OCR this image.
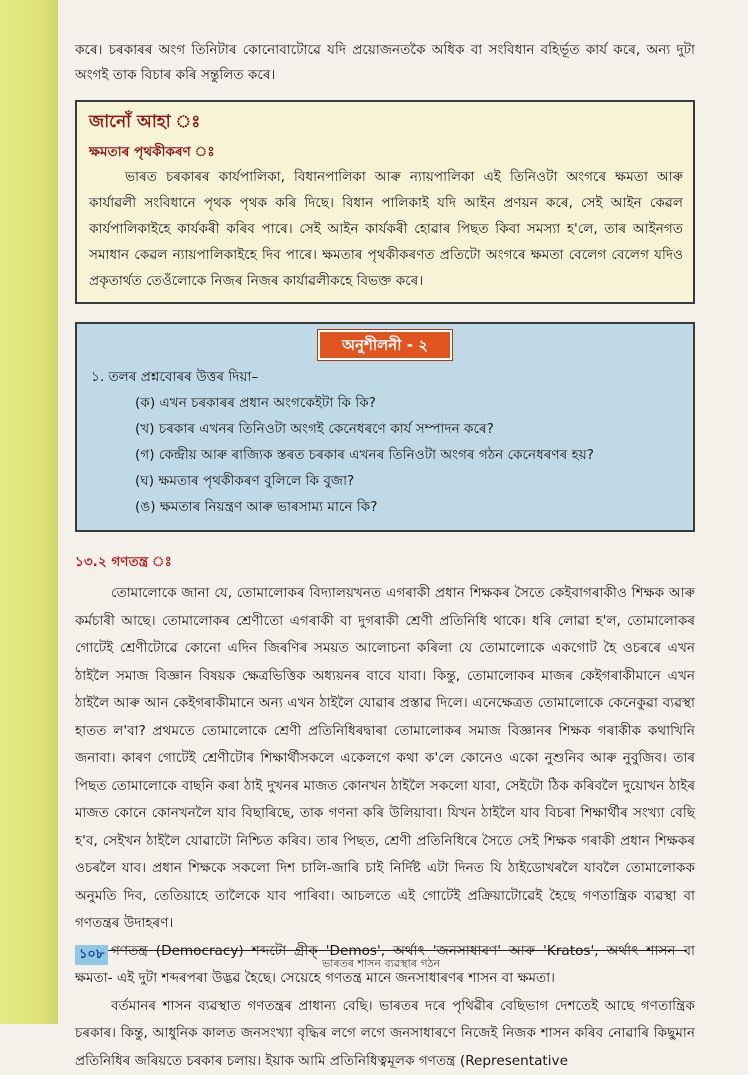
কৰে। চৰকাৰৰ অংগ তিনিটাৰ কোনোবাটোৱে যদি প্ৰয়োজনতকৈ অধিক বা সংবিধান বহিৰ্ভূত কাৰ্য কৰে, অন্য দুটা অংগই তাক বিচাৰ কৰি সন্তুলিত কৰে।

জানোঁ আহা ঃ
ক্ষমতাৰ পৃথকীকৰণ ঃ

ভাৰত চৰকাৰৰ কাৰ্যপালিকা, বিধানপালিকা আৰু ন্যায়পালিকা এই তিনিওটা অংগৰে ক্ষমতা আৰু কাৰ্যাৱলী সংবিধানে পৃথক পৃথক কৰি দিছে। বিধান পালিকাই যদি আইন প্ৰণয়ন কৰে, সেই আইন কেৱল কাৰ্যপালিকাইহে কাৰ্যকৰী কৰিব পাৰে। সেই আইন কাৰ্যকৰী হোৱাৰ পিছত কিবা সমস্যা হ'লে, তাৰ আইনগত সমাধান কেৱল ন্যায়পালিকাইহে দিব পাৰে। ক্ষমতাৰ পৃথকীকৰণত প্ৰতিটো অংগৰে ক্ষমতা বেলেগ বেলেগ যদিও প্ৰকৃতাৰ্থত তেওঁলোকে নিজৰ নিজৰ কাৰ্যাৱলীকহে বিভক্ত কৰে।

অনুশীলনী - ২

১. তলৰ প্ৰশ্নবোৰৰ উত্তৰ দিয়া–

(ক) এখন চৰকাৰৰ প্ৰধান অংগকেইটা কি কি?
(খ) চৰকাৰ এখনৰ তিনিওটা অংগই কেনেধৰণে কাৰ্য সম্পাদন কৰে?
(গ) কেন্দ্ৰীয় আৰু ৰাজ্যিক স্তৰত চৰকাৰ এখনৰ তিনিওটা অংগৰ গঠন কেনেধৰণৰ হয়?
(ঘ) ক্ষমতাৰ পৃথকীকৰণ বুলিলে কি বুজা?
(ঙ) ক্ষমতাৰ নিয়ন্ত্ৰণ আৰু ভাৰসাম্য মানে কি?
১৩.২ গণতন্ত্ৰ ঃ

তোমালোকে জানা যে, তোমালোকৰ বিদ্যালয়খনত এগৰাকী প্ৰধান শিক্ষকৰ সৈতে কেইবাগৰাকীও শিক্ষক আৰু কৰ্মচাৰী আছে। তোমালোকৰ শ্ৰেণীতো এগৰাকী বা দুগৰাকী শ্ৰেণী প্ৰতিনিধি থাকে। ধৰি লোৱা হ'ল, তোমালোকৰ গোটেই শ্ৰেণীটোৱে কোনো এদিন জিৰণিৰ সময়ত আলোচনা কৰিলা যে তোমালোকে একগোট হৈ ওচৰৰে এখন ঠাইলৈ সমাজ বিজ্ঞান বিষয়ক ক্ষেত্ৰভিত্তিক অধ্যয়নৰ বাবে যাবা। কিন্তু, তোমালোকৰ মাজৰ কেইগৰাকীমানে এখন ঠাইলৈ আৰু আন কেইগৰাকীমানে অন্য এখন ঠাইলৈ যোৱাৰ প্ৰস্তাৱ দিলে। এনেক্ষেত্ৰত তোমালোকে কেনেকুৱা ব্যৱস্থা হাতত ল'বা? প্ৰথমতে তোমালোকে শ্ৰেণী প্ৰতিনিধিৰদ্বাৰা তোমালোকৰ সমাজ বিজ্ঞানৰ শিক্ষক গৰাকীক কথাখিনি জনাবা। কাৰণ গোটেই শ্ৰেণীটোৰ শিক্ষাৰ্থীসকলে একেলগে কথা ক'লে কোনেও একো নুশুনিব আৰু নুবুজিব। তাৰ পিছত তোমালোকে বাছনি কৰা ঠাই দুখনৰ মাজত কোনখন ঠাইলৈ সকলো যাবা, সেইটো ঠিক কৰিবলৈ দুয়োখন ঠাইৰ মাজত কোনে কোনখনলৈ যাব বিছাৰিছে, তাক গণনা কৰি উলিয়াবা। যিখন ঠাইলৈ যাব বিচৰা শিক্ষাৰ্থীৰ সংখ্যা বেছি হ'ব, সেইখন ঠাইলৈ যোৱাটো নিশ্চিত কৰিব। তাৰ পিছত, শ্ৰেণী প্ৰতিনিধিৰে সৈতে সেই শিক্ষক গৰাকী প্ৰধান শিক্ষকৰ ওচৰলৈ যাব। প্ৰধান শিক্ষকে সকলো দিশ চালি-জাৰি চাই নিৰ্দিষ্ট এটা দিনত যি ঠাইডোখৰলৈ যাবলৈ তোমালোকক অনুমতি দিব, তেতিয়াহে তালৈকে যাব পাৰিবা। আচলতে এই গোটেই প্ৰক্ৰিয়াটোৱেই হৈছে গণতান্ত্ৰিক ব্যৱস্থা বা গণতন্ত্ৰৰ উদাহৰণ।

গণতন্ত্ৰ (Democracy) শব্দটো গ্ৰীক্ 'Demos', অৰ্থাৎ 'জনসাধাৰণ' আৰু 'Kratos', অৰ্থাৎ শাসন বা ক্ষমতা- এই দুটা শব্দৰপৰা উদ্ভৱ হৈছে। সেয়েহে গণতন্ত্ৰ মানে জনসাধাৰণৰ শাসন বা ক্ষমতা।

বৰ্তমানৰ শাসন ব্যৱস্থাত গণতন্ত্ৰৰ প্ৰাধান্য বেছি। ভাৰতৰ দৰে পৃথিৱীৰ বেছিভাগ দেশতেই আছে গণতান্ত্ৰিক চৰকাৰ। কিন্তু, আধুনিক কালত জনসংখ্যা বৃদ্ধিৰ লগে লগে জনসাধাৰণে নিজেই নিজক শাসন কৰিব নোৱাৰি কিছুমান প্ৰতিনিধিৰ জৰিয়তে চৰকাৰ চলায়। ইয়াক আমি প্ৰতিনিধিত্বমূলক গণতন্ত্ৰ (Representative

১০৮
ভাৰতৰ শাসন ব্যৱস্থাৰ গঠন
